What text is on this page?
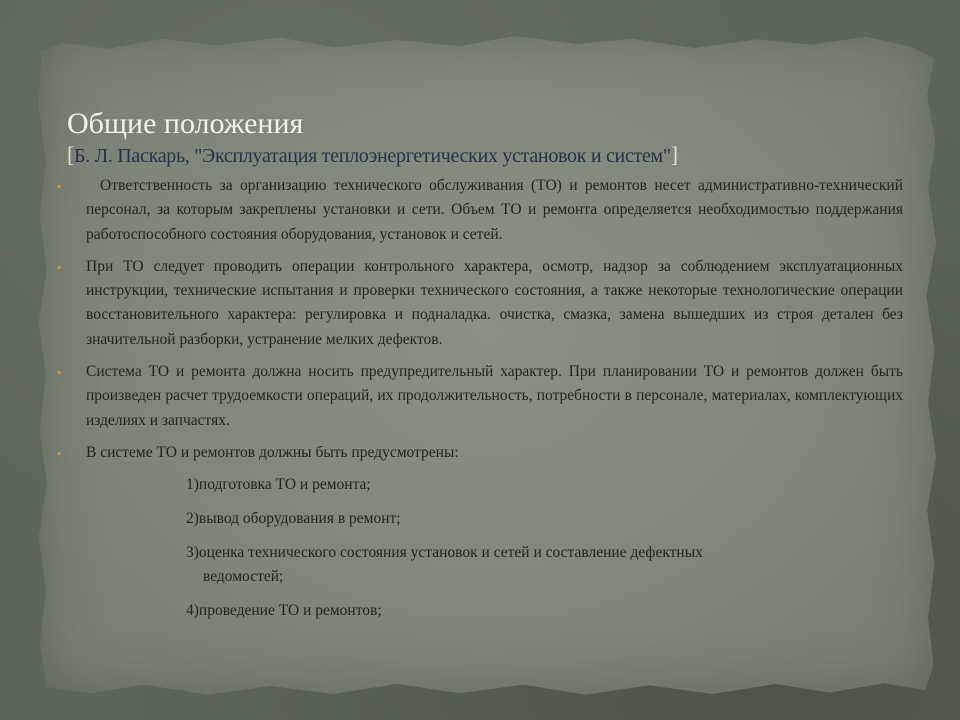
Общие положения
[Б. Л. Паскарь, "Эксплуатация теплоэнергетических установок и систем"]
•	Ответственность за организацию технического обслуживания (ТО) и ремонтов несет административно-технический персонал, за которым закреплены установки и сети. Объем ТО и ремонта определяется необходимостью поддержания работоспособного состояния оборудования, установок и сетей.
• При ТО следует проводить операции контрольного характера, осмотр, надзор за соблюдением эксплуатационных инструкции, технические испытания и проверки технического состояния, а также некоторые технологические операции восстановительного характера: регулировка и подналадка. очистка, смазка, замена вышедших из строя детален без значительной разборки, устранение мелких дефектов.
• Система ТО и ремонта должна носить предупредительный характер. При планировании ТО и ремонтов должен быть произведен расчет трудоемкости операций, их продолжительность, потребности в персонале, материалах, комплектующих изделиях и запчастях.
• В системе ТО и ремонтов должны быть предусмотрены:
1)подготовка ТО и ремонта;
2)вывод оборудования в ремонт;
3)оценка технического состояния установок и сетей и составление дефектных
ведомостей;
4)проведение ТО и ремонтов;
